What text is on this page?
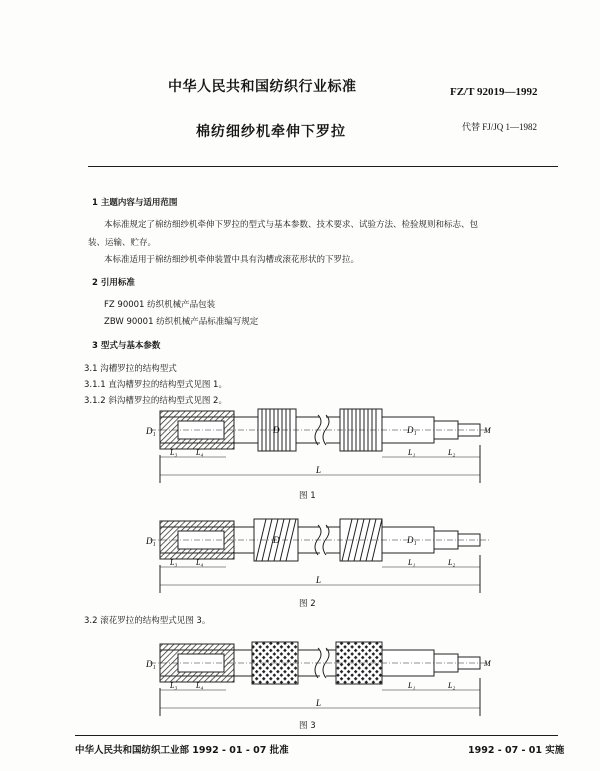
中华人民共和国纺织行业标准	FZ/T 92019—1992
棉纺细纱机牵伸下罗拉	代替 FJ/JQ 1—1982
1 主题内容与适用范围
本标准规定了棉纺细纱机牵伸下罗拉的型式与基本参数、技术要求、试验方法、检验规则和标志、包
装、运输、贮存。
本标准适用于棉纺细纱机牵伸装置中具有沟槽或滚花形状的下罗拉。
2 引用标准
FZ 90001 纺织机械产品包装
ZBW 90001 纺织机械产品标准编写规定
3 型式与基本参数
3.1 沟槽罗拉的结构型式
3.1.1 直沟槽罗拉的结构型式见图 1。
3.1.2 斜沟槽罗拉的结构型式见图 2。
D₁	D	D₁	M
L₃ L₄
L
L₁	L₂
图 1
D₁	D	D₁
L₃ L₄
L
L₁	L₂
图 2
3.2 滚花罗拉的结构型式见图 3。
D₁	M
L₃ L₄
L
L₁	L₂
图 3
中华人民共和国纺织工业部 1992 - 01 - 07 批准	1992 - 07 - 01 实施
